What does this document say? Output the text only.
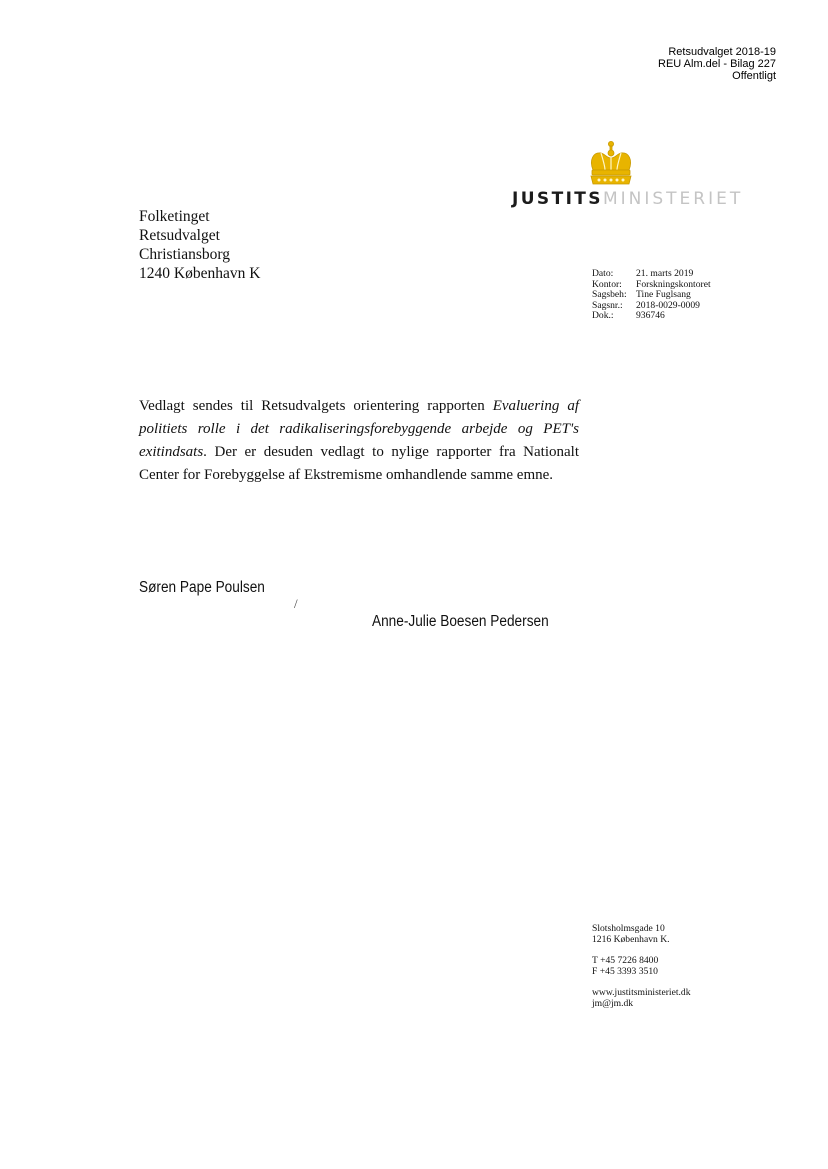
Retsudvalget 2018-19
REU Alm.del - Bilag 227
Offentligt
JUSTITSMINISTERIET
Folketinget
Retsudvalget
Christiansborg
1240 København K	Dato:	21. marts 2019
Kontor:	Forskningskontoret
Sagsbeh: Tine Fuglsang
Sagsnr.:	2018-0029-0009
Dok.:	936746
Vedlagt sendes til Retsudvalgets orientering rapporten Evaluering af politiets rolle i det radikaliseringsforebyggende arbejde og PET's exitindsats. Der er desuden vedlagt to nylige rapporter fra Nationalt Center for Forebyggelse af Ekstremisme omhandlende samme emne.
Søren Pape Poulsen
/
Anne-Julie Boesen Pedersen
Slotsholmsgade 10
1216 København K.
T +45 7226 8400
F +45 3393 3510
www.justitsministeriet.dk
jm@jm.dk
